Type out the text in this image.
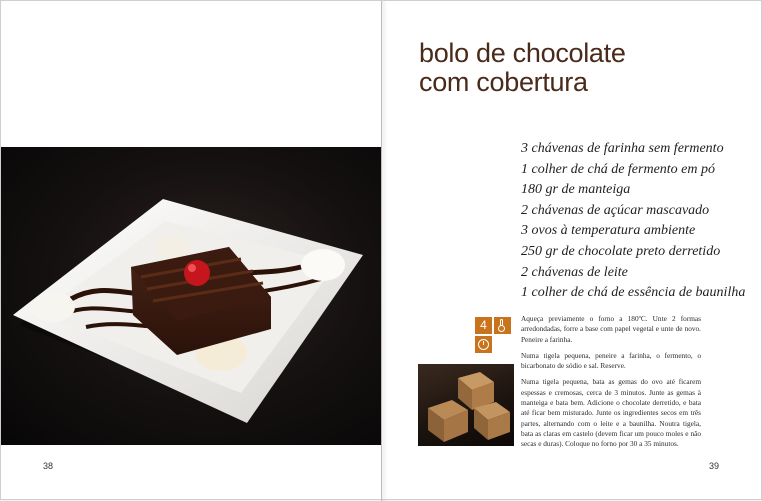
38
bolo de chocolate
com cobertura
3 chávenas de farinha sem fermento
1 colher de chá de fermento em pó
180 gr de manteiga
2 chávenas de açúcar mascavado
3 ovos à temperatura ambiente
250 gr de chocolate preto derretido
2 chávenas de leite
1 colher de chá de essência de baunilha
4	Aqueça previamente o forno a 180ºC. Unte 2 formas arredondadas, forre a base com papel vegetal e unte de novo. Peneire a farinha.

Numa tigela pequena, peneire a farinha, o fermento, o bicarbonato de sódio e sal. Reserve.

Numa tigela pequena, bata as gemas do ovo até ficarem espessas e cremosas, cerca de 3 minutos. Junte as gemas à manteiga e bata bem. Adicione o chocolate derretido, e bata até ficar bem misturado. Junte os ingredientes secos em três partes, alternando com o leite e a baunilha. Noutra tigela, bata as claras em castelo (devem ficar um pouco moles e não secas e duras). Coloque no forno por 30 a 35 minutos.

39
